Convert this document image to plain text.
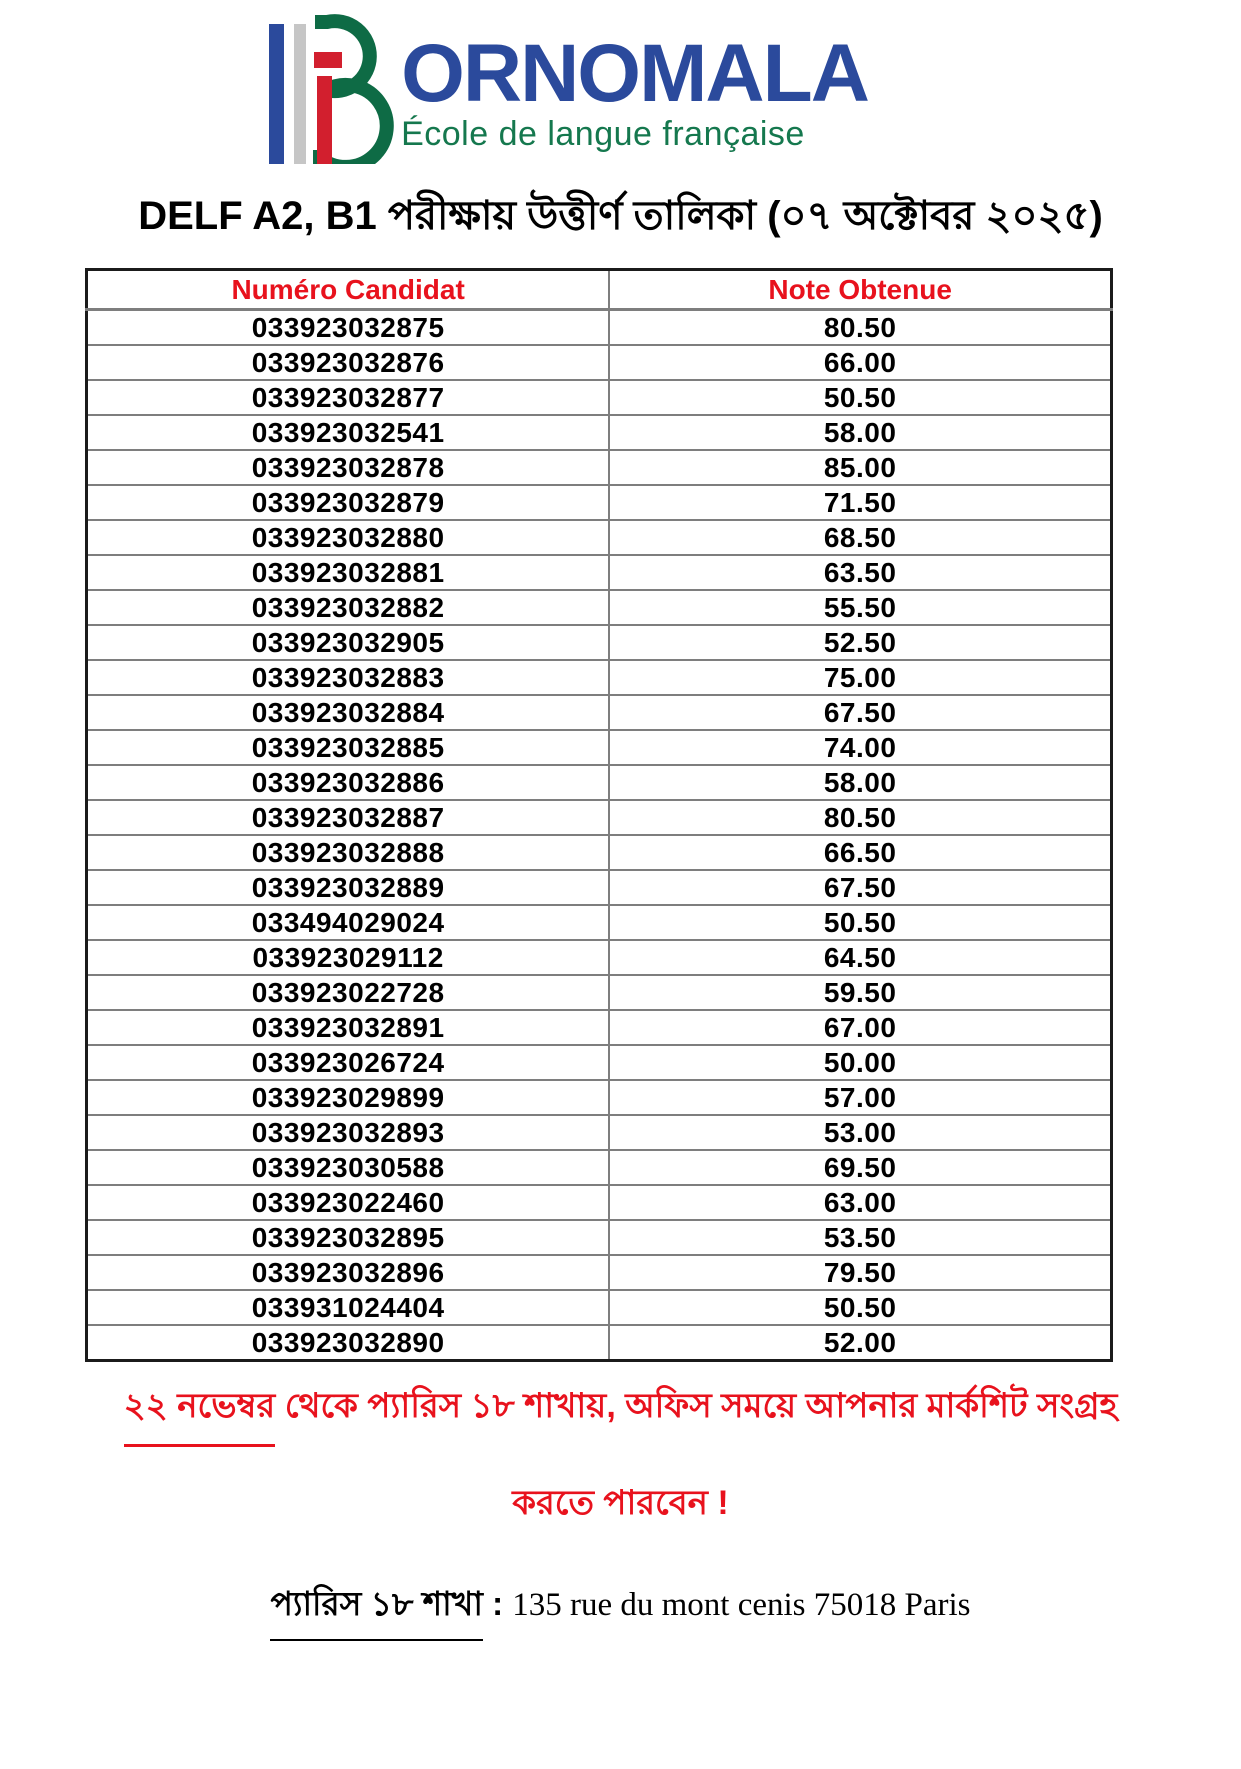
ORNOMALA
École de langue française
DELF A2, B1 পরীক্ষায় উত্তীর্ণ তালিকা (০৭ অক্টোবর ২০২৫)
Numéro Candidat	Note Obtenue
033923032875	80.50
033923032876	66.00
033923032877	50.50
033923032541	58.00
033923032878	85.00
033923032879	71.50
033923032880	68.50
033923032881	63.50
033923032882	55.50
033923032905	52.50
033923032883	75.00
033923032884	67.50
033923032885	74.00
033923032886	58.00
033923032887	80.50
033923032888	66.50
033923032889	67.50
033494029024	50.50
033923029112	64.50
033923022728	59.50
033923032891	67.00
033923026724	50.00
033923029899	57.00
033923032893	53.00
033923030588	69.50
033923022460	63.00
033923032895	53.50
033923032896	79.50
033931024404	50.50
033923032890	52.00
২২ নভেম্বর থেকে প্যারিস ১৮ শাখায়, অফিস সময়ে আপনার মার্কশিট সংগ্রহ
করতে পারবেন !
প্যারিস ১৮ শাখা : 135 rue du mont cenis 75018 Paris
